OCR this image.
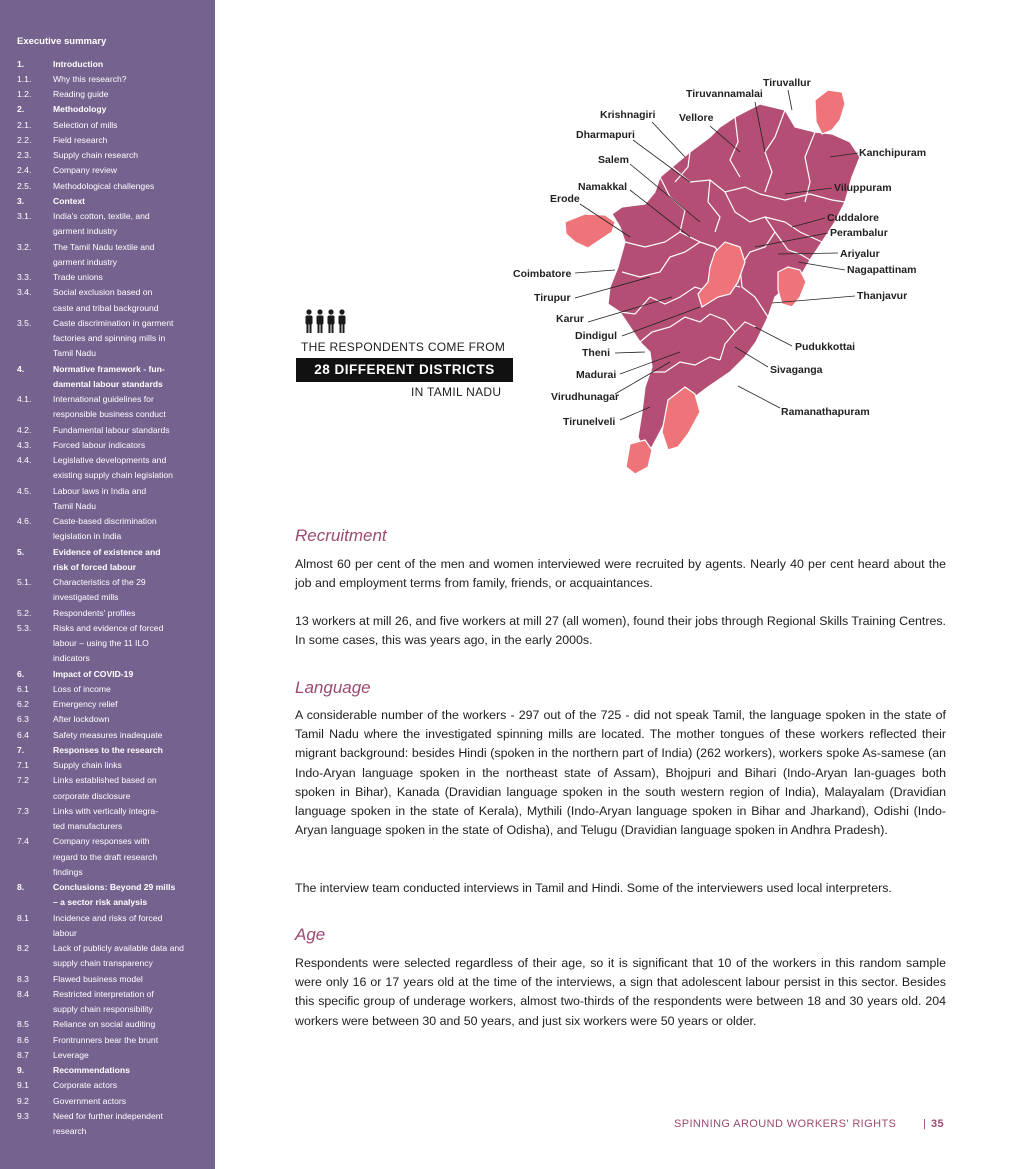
Executive summary
1.	Introduction
1.1.	Why this research?
1.2.	Reading guide
2.	Methodology
2.1.	Selection of mills
2.2.	Field research
2.3.	Supply chain research
2.4.	Company review
2.5.	Methodological challenges
3.	Context
3.1.	India's cotton, textile, and
garment industry
3.2.	The Tamil Nadu textile and
garment industry
3.3.	Trade unions
3.4.	Social exclusion based on
caste and tribal background
3.5.	Caste discrimination in garment
factories and spinning mills in
Tamil Nadu
4.	Normative framework - fun-
damental labour standards
4.1.	International guidelines for
responsible business conduct
4.2.	Fundamental labour standards
4.3.	Forced labour indicators
4.4.	Legislative developments and
existing supply chain legislation
4.5.	Labour laws in India and
Tamil Nadu
4.6.	Caste-based discrimination
legislation in India
5.	Evidence of existence and
risk of forced labour
5.1.	Characteristics of the 29
investigated mills
5.2.	Respondents' profiles
5.3.	Risks and evidence of forced
labour – using the 11 ILO
indicators
6.	Impact of COVID-19
6.1	Loss of income
6.2	Emergency relief
6.3	After lockdown
6.4	Safety measures inadequate
7.	Responses to the research
7.1	Supply chain links
7.2	Links established based on
corporate disclosure
7.3	Links with vertically integra-
ted manufacturers
7.4	Company responses with
regard to the draft research
findings
8.	Conclusions: Beyond 29 mills
– a sector risk analysis
8.1	Incidence and risks of forced
labour
8.2	Lack of publicly available data and
supply chain transparency
8.3	Flawed business model
8.4	Restricted interpretation of
supply chain responsibility
8.5	Reliance on social auditing
8.6	Frontrunners bear the brunt
8.7	Leverage
9.	Recommendations
9.1	Corporate actors
9.2	Government actors
9.3	Need for further independent
research
THE RESPONDENTS COME FROM
28 DIFFERENT DISTRICTS
IN TAMIL NADU
Tiruvallur
Tiruvannamalai
Krishnagiri Vellore
Dharmapuri
Kanchipuram
Salem
Viluppuram
Namakkal
Erode
Cuddalore
Perambalur
Ariyalur
Nagapattinam
Coimbatore
Thanjavur
Tirupur
Karur
Dindigul
Pudukkottai
Theni
Sivaganga
Madurai
Virudhunagar
Ramanathapuram
Tirunelveli
Recruitment

Almost 60 per cent of the men and women interviewed were recruited by agents. Nearly 40 per cent heard about the job and employment terms from family, friends, or acquaintances.

13 workers at mill 26, and five workers at mill 27 (all women), found their jobs through Regional Skills Training Centres. In some cases, this was years ago, in the early 2000s.

Language

A considerable number of the workers - 297 out of the 725 - did not speak Tamil, the language spoken in the state of Tamil Nadu where the investigated spinning mills are located. The mother tongues of these workers reflected their migrant background: besides Hindi (spoken in the northern part of India) (262 workers), workers spoke As-samese (an Indo-Aryan language spoken in the northeast state of Assam), Bhojpuri and Bihari (Indo-Aryan lan-guages both spoken in Bihar), Kanada (Dravidian language spoken in the south western region of India), Malayalam (Dravidian language spoken in the state of Kerala), Mythili (Indo-Aryan language spoken in Bihar and Jharkand), Odishi (Indo-Aryan language spoken in the state of Odisha), and Telugu (Dravidian language spoken in Andhra Pradesh).

The interview team conducted interviews in Tamil and Hindi. Some of the interviewers used local interpreters.

Age

Respondents were selected regardless of their age, so it is significant that 10 of the workers in this random sample were only 16 or 17 years old at the time of the interviews, a sign that adolescent labour persist in this sector. Besides this specific group of underage workers, almost two-thirds of the respondents were between 18 and 30 years old. 204 workers were between 30 and 50 years, and just six workers were 50 years or older.

SPINNING AROUND WORKERS' RIGHTS | 35
